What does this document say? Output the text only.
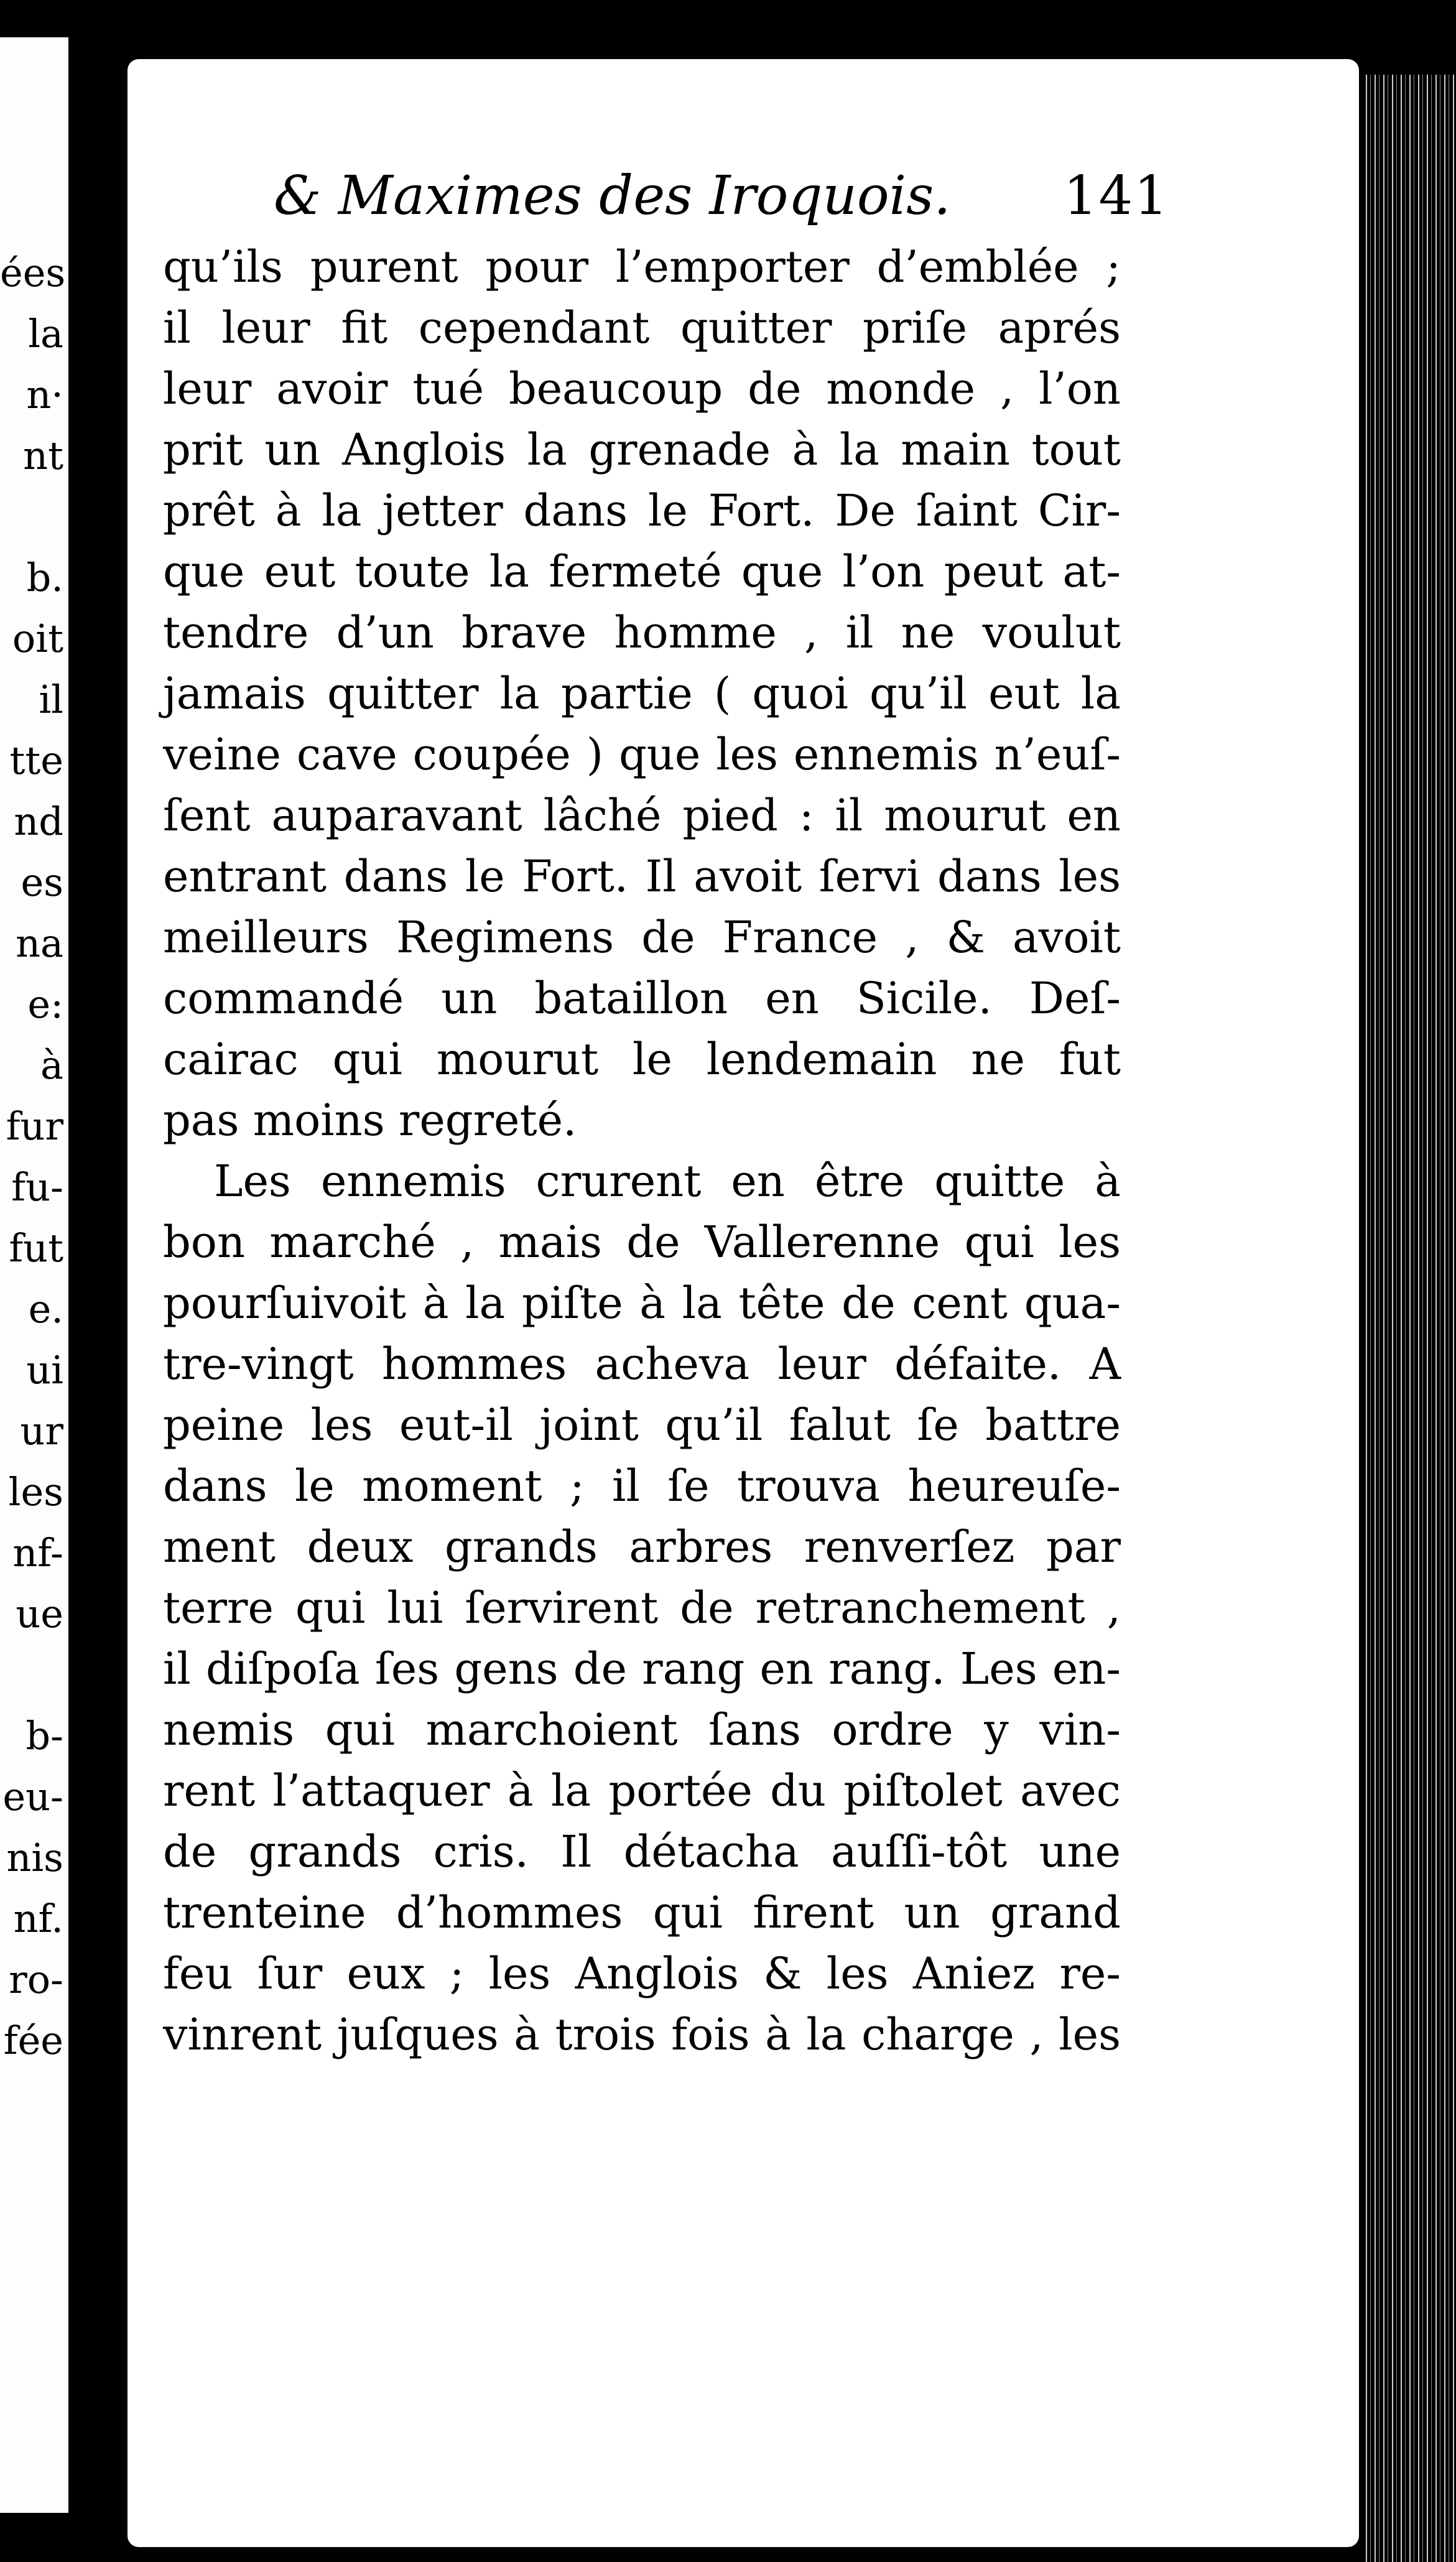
ées
la
n·
nt
b.
oit
il
tte
nd
es
na
e:
à
fur
fu-
fut
e.
ui
ur
les
nf-
ue
b-
eu-
nis
nf.
ro-
fée
& Maximes des Iroquois. 141
qu’ils purent pour l’emporter d’emblée ;
il leur fit cependant quitter priſe aprés
leur avoir tué beaucoup de monde , l’on
prit un Anglois la grenade à la main tout
prêt à la jetter dans le Fort. De ſaint Cir-
que eut toute la fermeté que l’on peut at-
tendre d’un brave homme , il ne voulut
jamais quitter la partie ( quoi qu’il eut la
veine cave coupée ) que les ennemis n’euſ-
ſent auparavant lâché pied : il mourut en
entrant dans le Fort. Il avoit ſervi dans les
meilleurs Regimens de France , & avoit
commandé un bataillon en Sicile. Deſ-
cairac qui mourut le lendemain ne fut
pas moins regreté.
Les ennemis crurent en être quitte à
bon marché , mais de Vallerenne qui les
pourſuivoit à la piſte à la tête de cent qua-
tre-vingt hommes acheva leur défaite. A
peine les eut-il joint qu’il falut ſe battre
dans le moment ; il ſe trouva heureuſe-
ment deux grands arbres renverſez par
terre qui lui ſervirent de retranchement ,
il diſpoſa ſes gens de rang en rang. Les en-
nemis qui marchoient ſans ordre y vin-
rent l’attaquer à la portée du piſtolet avec
de grands cris. Il détacha auſſi-tôt une
trenteine d’hommes qui firent un grand
feu ſur eux ; les Anglois & les Aniez re-
vinrent juſques à trois fois à la charge , les
